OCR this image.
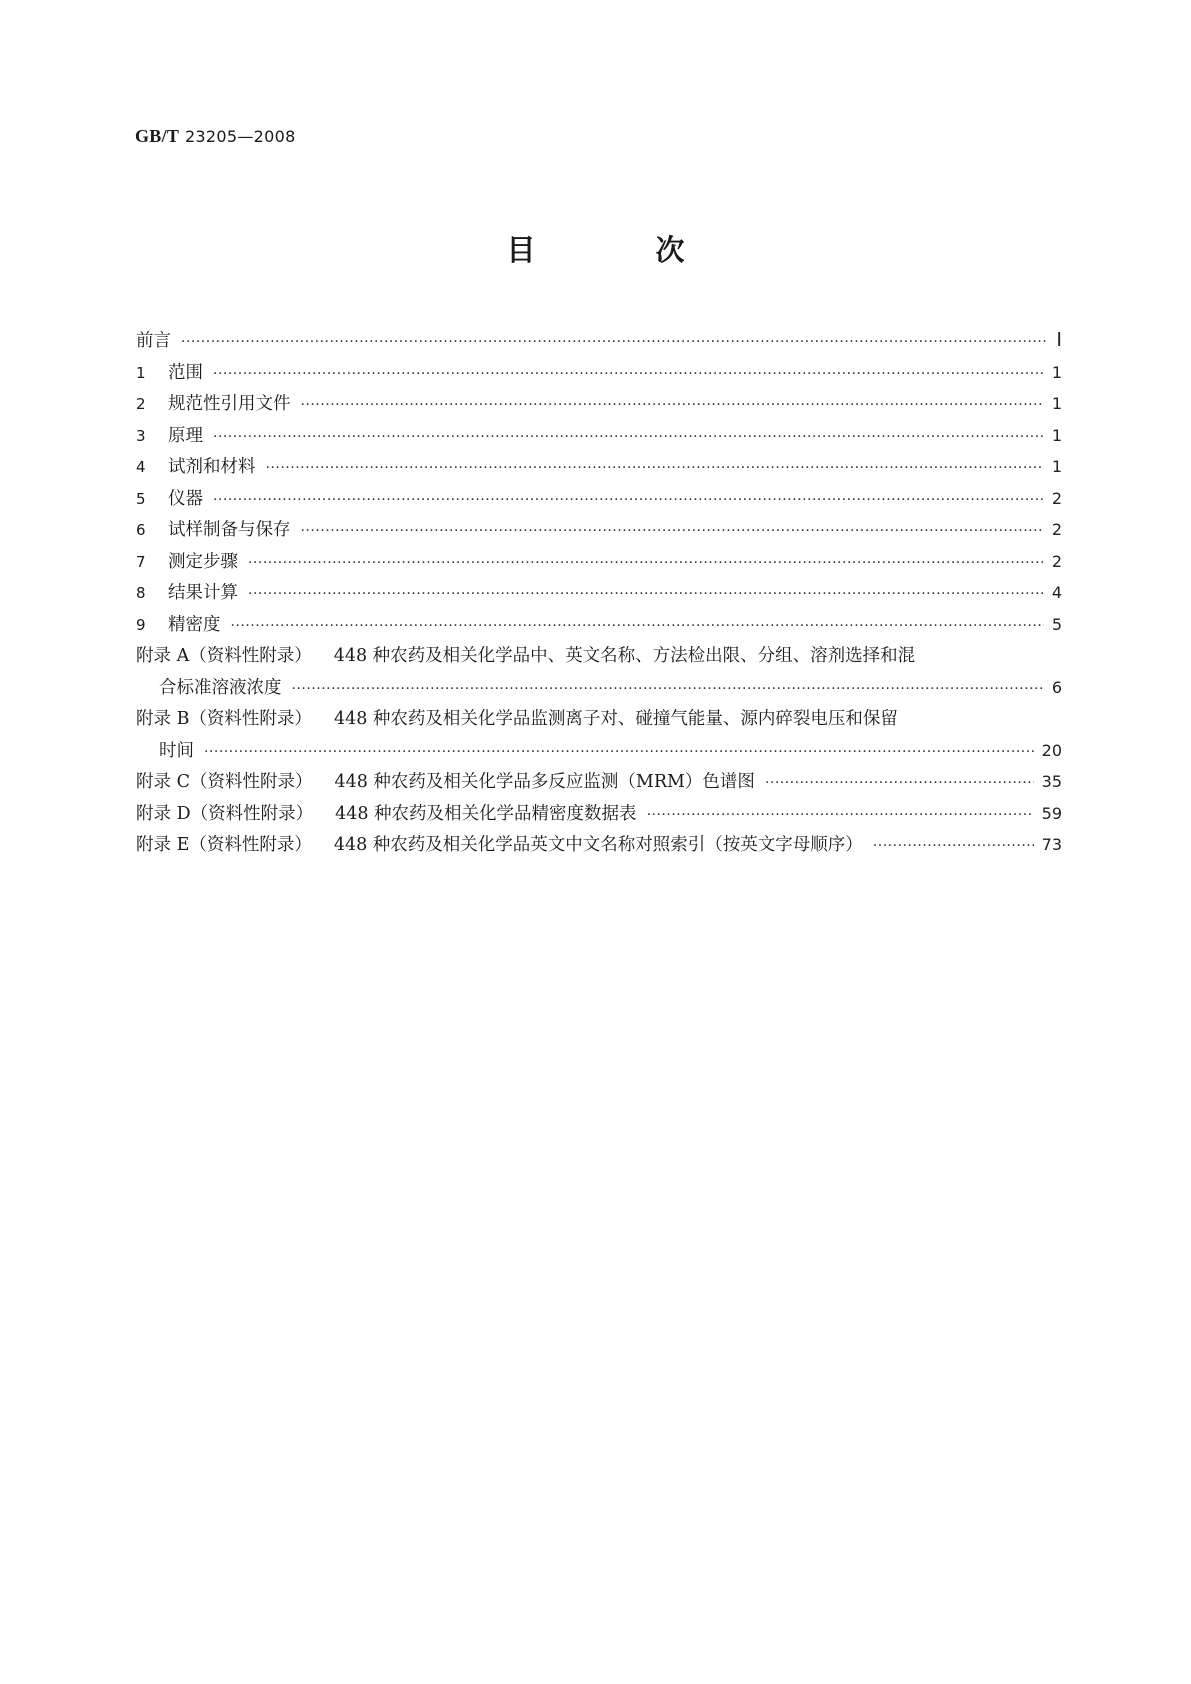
GB/T 23205—2008
目 次
前言 ·····	Ⅰ
1 范围 ·····	1
2 规范性引用文件 ·····	1
3 原理 ·····	1
4 试剂和材料 ·····	1
5 仪器 ·····	2
6 试样制备与保存 ·····	2
7 测定步骤 ·····	2
8 结果计算 ·····	4
9 精密度 ·····	5
附录 A（资料性附录） 448 种农药及相关化学品中、英文名称、方法检出限、分组、溶剂选择和混
合标准溶液浓度 ·····	6
附录 B（资料性附录） 448 种农药及相关化学品监测离子对、碰撞气能量、源内碎裂电压和保留
时间 ·····	20
附录 C（资料性附录） 448 种农药及相关化学品多反应监测（MRM）色谱图 ·····	35
附录 D（资料性附录） 448 种农药及相关化学品精密度数据表 ·····	59
附录 E（资料性附录） 448 种农药及相关化学品英文中文名称对照索引（按英文字母顺序） ·····	73
